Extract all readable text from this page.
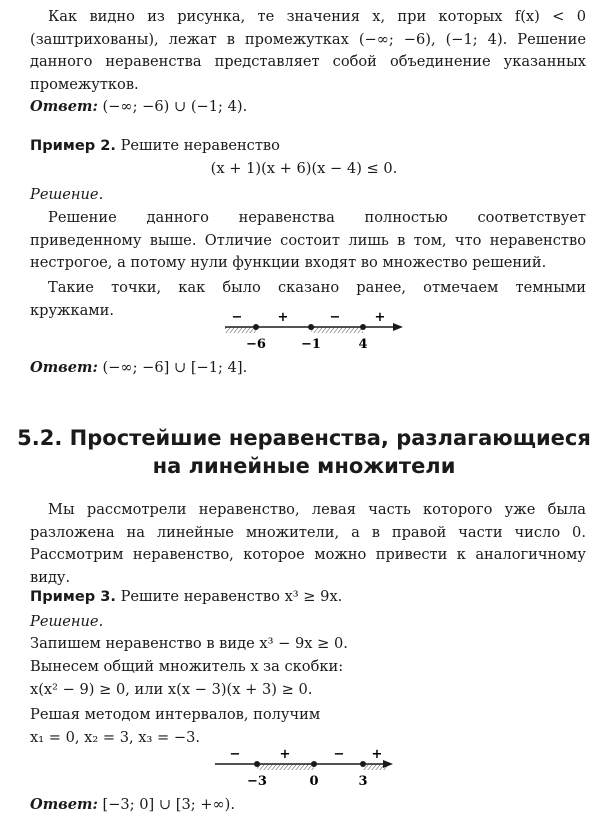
Как видно из рисунка, те значения x, при которых f(x) < 0 (заштрихованы), лежат в промежутках (−∞; −6), (−1; 4). Решение данного неравенства представляет собой объединение указанных промежутков.

Ответ: (−∞; −6) ∪ (−1; 4).
Пример 2. Решите неравенство
(x + 1)(x + 6)(x − 4) ≤ 0.
Решение.

Решение данного неравенства полностью соответствует приведенному выше. Отличие состоит лишь в том, что неравенство нестрогое, а потому нули функции входят во множество решений.

Такие точки, как было сказано ранее, отмечаем темными кружками.	−	+	−	+
−6	−1	4
Ответ: (−∞; −6] ∪ [−1; 4].
5.2. Простейшие неравенства, разлагающиеся
на линейные множители

Мы рассмотрели неравенство, левая часть которого уже была разложена на линейные множители, а в правой части число 0. Рассмотрим неравенство, которое можно привести к аналогичному виду.

Пример 3. Решите неравенство x³ ≥ 9x.
Решение.
Запишем неравенство в виде x³ − 9x ≥ 0.
Вынесем общий множитель x за скобки:
x(x² − 9) ≥ 0, или x(x − 3)(x + 3) ≥ 0.
Решая методом интервалов, получим
x₁ = 0, x₂ = 3, x₃ = −3.
−	+	− +
−3	0	3
Ответ: [−3; 0] ∪ [3; +∞).
